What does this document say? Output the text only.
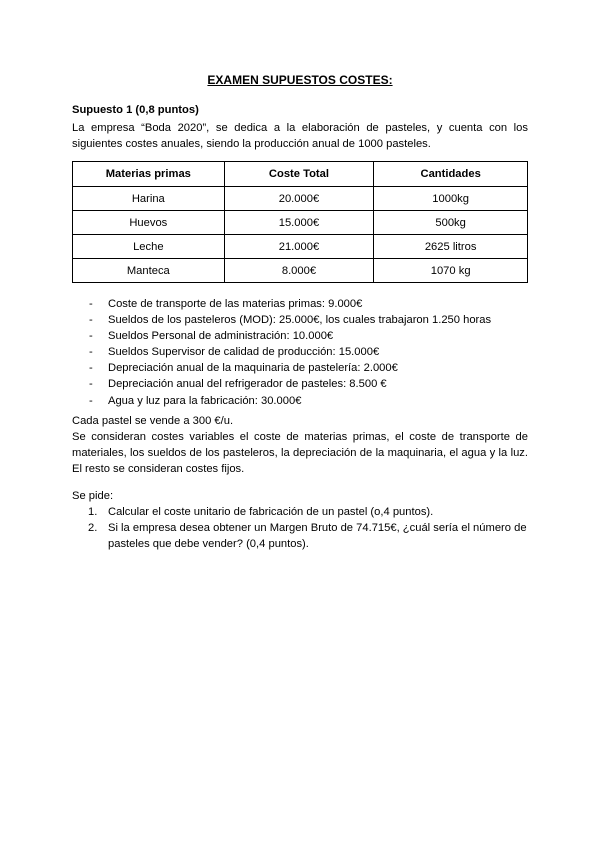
EXAMEN SUPUESTOS COSTES:
Supuesto 1 (0,8 puntos)
La empresa “Boda 2020”, se dedica a la elaboración de pasteles, y cuenta con los siguientes costes anuales, siendo la producción anual de 1000 pasteles.
Materias primas	Coste Total	Cantidades
Harina	20.000€	1000kg
Huevos	15.000€	500kg
Leche	21.000€	2625 litros
Manteca	8.000€	1070 kg
- Coste de transporte de las materias primas: 9.000€
- Sueldos de los pasteleros (MOD): 25.000€, los cuales trabajaron 1.250 horas
- Sueldos Personal de administración: 10.000€
- Sueldos Supervisor de calidad de producción: 15.000€
- Depreciación anual de la maquinaria de pastelería: 2.000€
- Depreciación anual del refrigerador de pasteles: 8.500 €
- Agua y luz para la fabricación: 30.000€
Cada pastel se vende a 300 €/u.
Se consideran costes variables el coste de materias primas, el coste de transporte de materiales, los sueldos de los pasteleros, la depreciación de la maquinaria, el agua y la luz. El resto se consideran costes fijos.
Se pide:
1. Calcular el coste unitario de fabricación de un pastel (o,4 puntos).
2. Si la empresa desea obtener un Margen Bruto de 74.715€, ¿cuál sería el número de pasteles que debe vender? (0,4 puntos).
